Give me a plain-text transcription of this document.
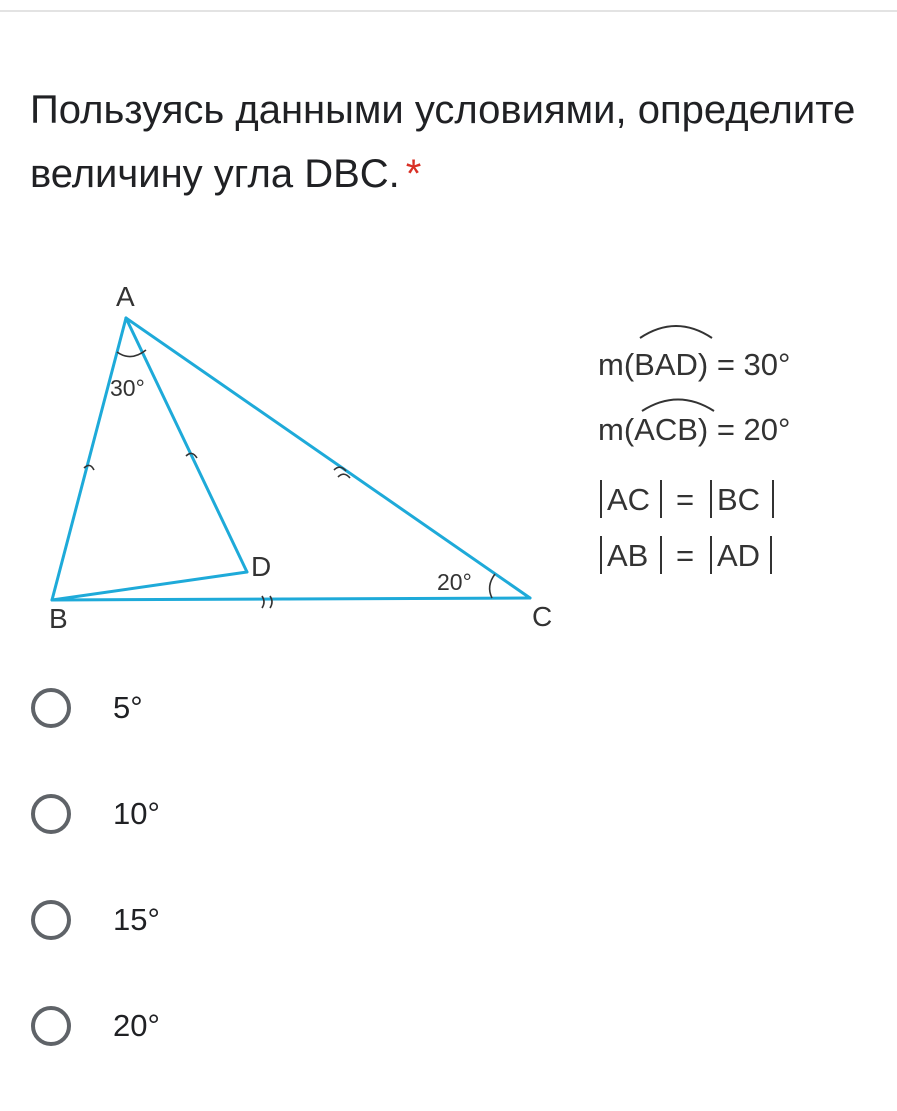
Пользуясь данными условиями, определите величину угла DBC. *

A
B	C
D
30°
20°
m(BAD) = 30°
m(ACB) = 20°
AC = BC
AB = AD
5°
10°
15°
20°
